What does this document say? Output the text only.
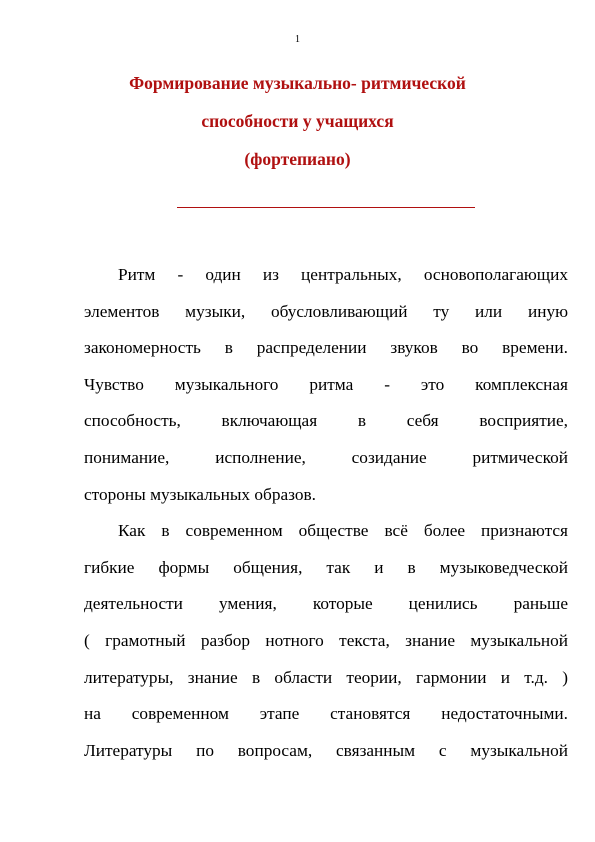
1
Формирование музыкально- ритмической
способности у учащихся
(фортепиано)
Ритм - один из центральных, основополагающих
элементов музыки, обусловливающий ту или иную
закономерность в распределении звуков во времени.
Чувство музыкального ритма - это комплексная
способность, включающая в себя восприятие,
понимание, исполнение, созидание ритмической
стороны музыкальных образов.
Как в современном обществе всё более признаются
гибкие формы общения, так и в музыковедческой
деятельности умения, которые ценились раньше
( грамотный разбор нотного текста, знание музыкальной
литературы, знание в области теории, гармонии и т.д. )
на современном этапе становятся недостаточными.
Литературы по вопросам, связанным с музыкальной
